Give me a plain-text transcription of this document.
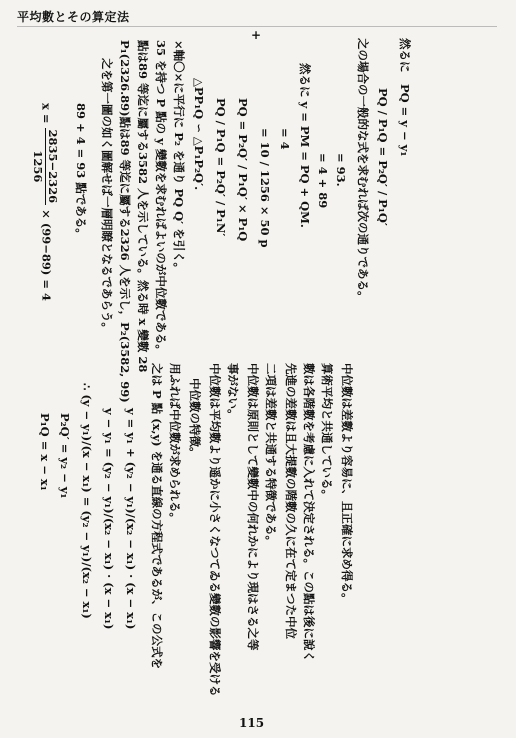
平均數とその算定法
+
x = 2835−2326
1256 × (99−89) = 4
89 + 4 = 93 點である。 之を第一圖の如く圖解せば一層明瞭となるであらう。 P₁(2326.89)點は89 等迄に屬する2326 人を示し，P₂(3582, 99) 點は89 等迄に屬する3582 人を示している。然る時 x 變數 28 35 を持つ P 點の y 變數を求むればよいのが中位數である。 ×軸〇×に平行に P₂ を通り PQ Q′ を引く。 △PP₁Q ∽ △P₁P₂Q′. PQ / P₁Q = P₂Q′ / P₁N′ PQ = P₂Q′ / P₁Q′ × P₁Q = 10 / 1256 × 50 p = 4 然るに y = PM = PQ + QM. = 4 + 89 = 93. 之の場合の一般的な式を求むれば次の通りである。 PQ / P₁Q = P₂Q′ / P₁Q′ 然るに　PQ = y − y₁
P₁Q = x − x₁ P₂Q′ = y₂ − y₁ ∴ (y − y₁)/(x − x₁) = (y₂ − y₁)/(x₂ − x₁) y − y₁ = (y₂ − y₁)/(x₂ − x₁) · (x − x₁) y = y₁ + (y₂ − y₁)/(x₂ − x₁) · (x − x₁) 之は P 點 (x,y) を通る直線の方程式であるが、この公式を 用ふれば中位數が求められる。 中位數の特徴。 中位數は平均數より遥かに小さくなつてゐる變數の影響を受ける 事がない。 中位數は原則として變數中の何れかにより現はさる之等 二項は差數と共通する特徴である。 先進の差數は且大提數の階數の久に在て定まつた中位 數は各階數を考慮に入れて決定される。この點は後に說く 算術平均と共通している。 中位數は差數より容易に、且正確に求め得る。
115
